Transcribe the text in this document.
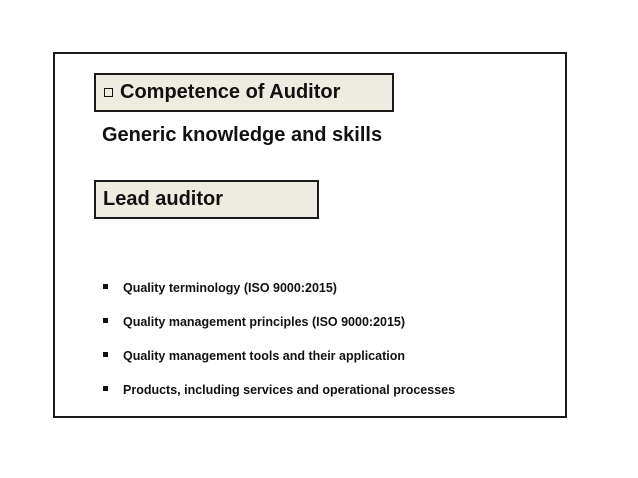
Competence of Auditor
Generic knowledge and skills
Lead auditor
Quality terminology (ISO 9000:2015)
Quality management principles (ISO 9000:2015)
Quality management tools and their application
Products, including services and operational processes
